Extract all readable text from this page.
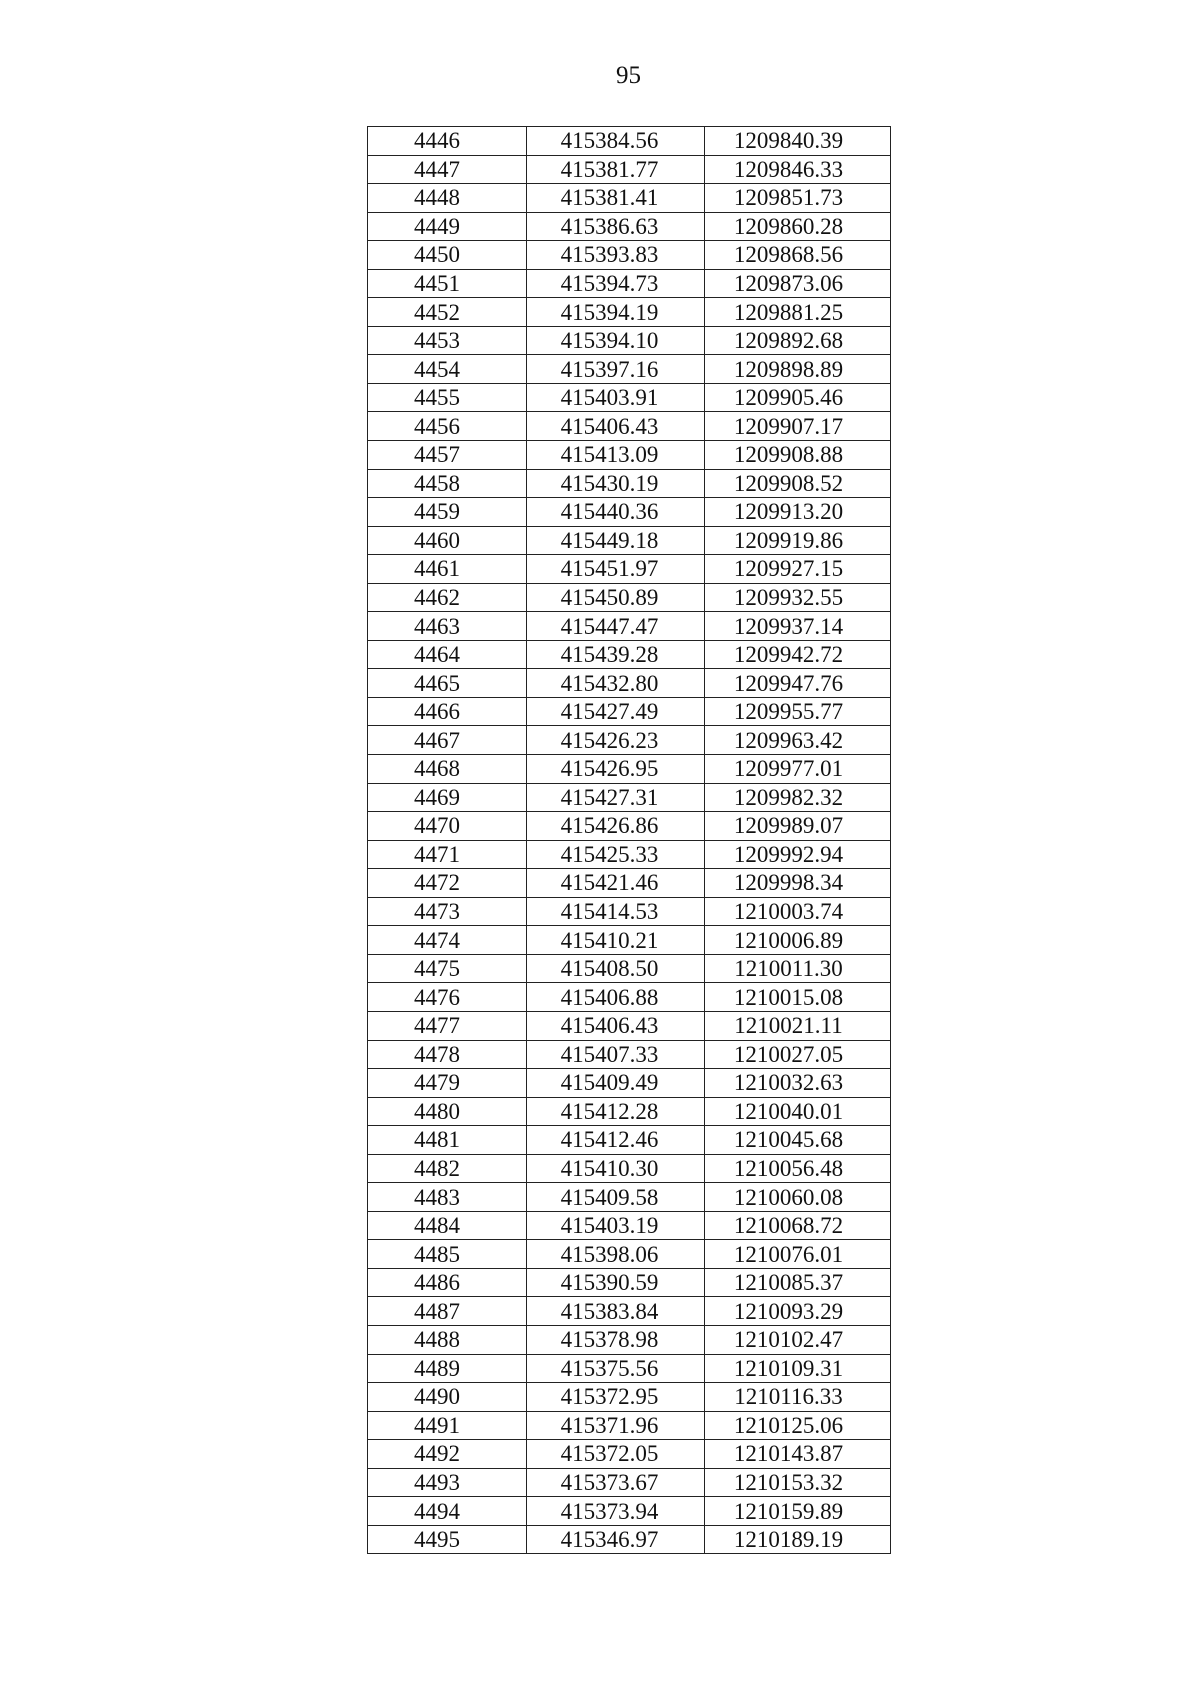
95
4446	415384.56	1209840.39
4447	415381.77	1209846.33
4448	415381.41	1209851.73
4449	415386.63	1209860.28
4450	415393.83	1209868.56
4451	415394.73	1209873.06
4452	415394.19	1209881.25
4453	415394.10	1209892.68
4454	415397.16	1209898.89
4455	415403.91	1209905.46
4456	415406.43	1209907.17
4457	415413.09	1209908.88
4458	415430.19	1209908.52
4459	415440.36	1209913.20
4460	415449.18	1209919.86
4461	415451.97	1209927.15
4462	415450.89	1209932.55
4463	415447.47	1209937.14
4464	415439.28	1209942.72
4465	415432.80	1209947.76
4466	415427.49	1209955.77
4467	415426.23	1209963.42
4468	415426.95	1209977.01
4469	415427.31	1209982.32
4470	415426.86	1209989.07
4471	415425.33	1209992.94
4472	415421.46	1209998.34
4473	415414.53	1210003.74
4474	415410.21	1210006.89
4475	415408.50	1210011.30
4476	415406.88	1210015.08
4477	415406.43	1210021.11
4478	415407.33	1210027.05
4479	415409.49	1210032.63
4480	415412.28	1210040.01
4481	415412.46	1210045.68
4482	415410.30	1210056.48
4483	415409.58	1210060.08
4484	415403.19	1210068.72
4485	415398.06	1210076.01
4486	415390.59	1210085.37
4487	415383.84	1210093.29
4488	415378.98	1210102.47
4489	415375.56	1210109.31
4490	415372.95	1210116.33
4491	415371.96	1210125.06
4492	415372.05	1210143.87
4493	415373.67	1210153.32
4494	415373.94	1210159.89
4495	415346.97	1210189.19
